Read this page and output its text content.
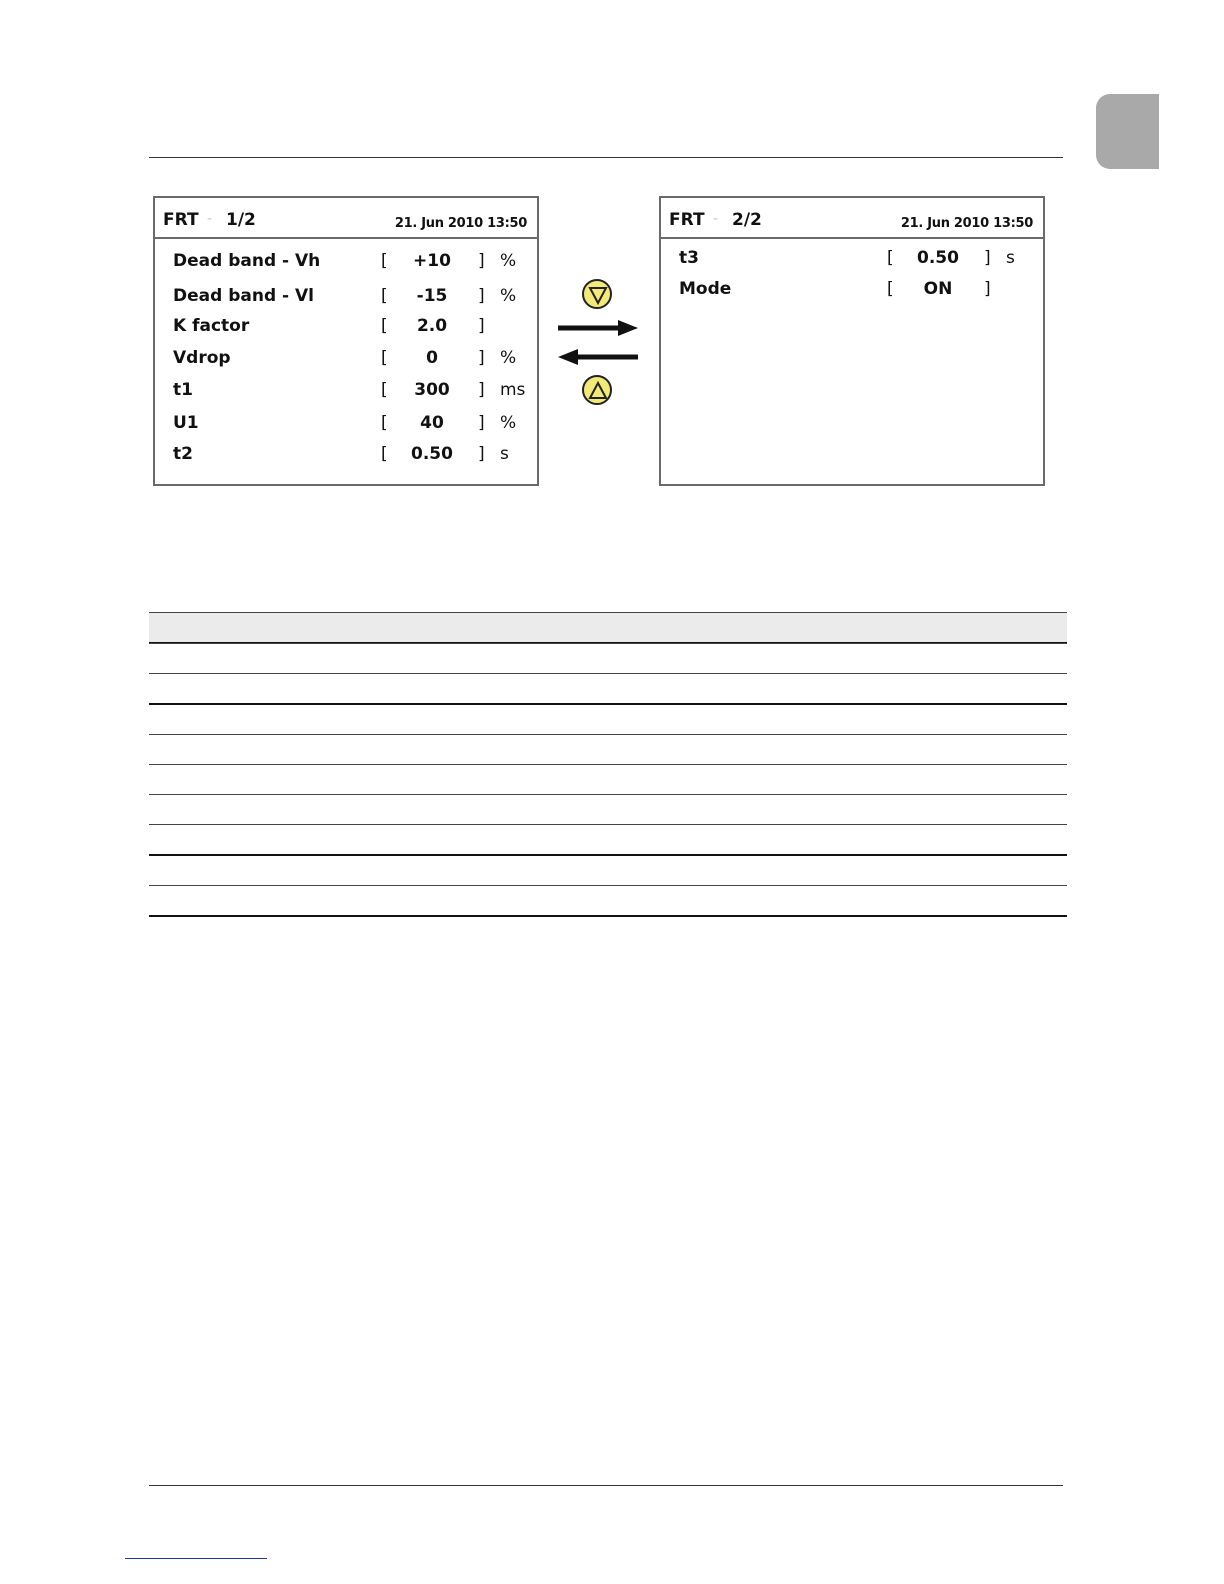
FRT - 1/2	21. Jun 2010 13:50
Dead band - Vh	[	+10	] %
Dead band - Vl	[	-15	] %
K factor	[	2.0	]
Vdrop	[	0	] %
t1	[	300	] ms
U1	[	40	] %
t2	[	0.50	] s
FRT - 2/2	21. Jun 2010 13:50
t3	[	0.50	] s
Mode	[	ON	]
